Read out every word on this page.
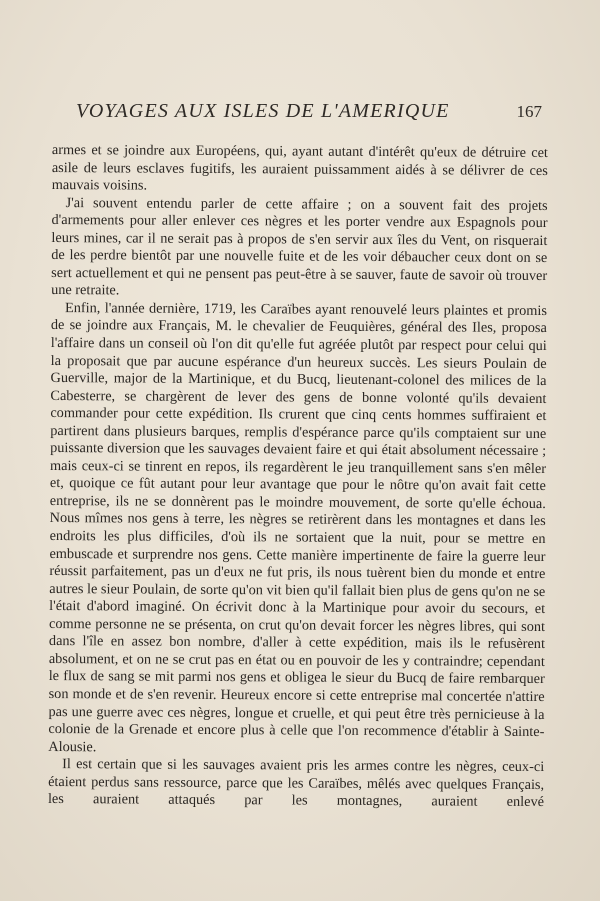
VOYAGES AUX ISLES DE L'AMERIQUE	167

armes et se joindre aux Européens, qui, ayant autant d'intérêt qu'eux de détruire cet asile de leurs esclaves fugitifs, les auraient puissamment aidés à se délivrer de ces mauvais voisins.

J'ai souvent entendu parler de cette affaire ; on a souvent fait des projets d'armements pour aller enlever ces nègres et les porter vendre aux Espagnols pour leurs mines, car il ne serait pas à propos de s'en servir aux îles du Vent, on risquerait de les perdre bientôt par une nouvelle fuite et de les voir débaucher ceux dont on se sert actuellement et qui ne pensent pas peut-être à se sauver, faute de savoir où trouver une retraite.

Enfin, l'année dernière, 1719, les Caraïbes ayant renouvelé leurs plaintes et promis de se joindre aux Français, M. le chevalier de Feuquières, général des Iles, proposa l'affaire dans un conseil où l'on dit qu'elle fut agréée plutôt par respect pour celui qui la proposait que par aucune espérance d'un heureux succès. Les sieurs Poulain de Guerville, major de la Martinique, et du Bucq, lieutenant-colonel des milices de la Cabesterre, se chargèrent de lever des gens de bonne volonté qu'ils devaient commander pour cette expédition. Ils crurent que cinq cents hommes suffiraient et partirent dans plusieurs barques, remplis d'espérance parce qu'ils comptaient sur une puissante diversion que les sauvages devaient faire et qui était absolument nécessaire ; mais ceux-ci se tinrent en repos, ils regardèrent le jeu tranquillement sans s'en mêler et, quoique ce fût autant pour leur avantage que pour le nôtre qu'on avait fait cette entreprise, ils ne se donnèrent pas le moindre mouvement, de sorte qu'elle échoua. Nous mîmes nos gens à terre, les nègres se retirèrent dans les montagnes et dans les endroits les plus difficiles, d'où ils ne sortaient que la nuit, pour se mettre en embuscade et surprendre nos gens. Cette manière impertinente de faire la guerre leur réussit parfaitement, pas un d'eux ne fut pris, ils nous tuèrent bien du monde et entre autres le sieur Poulain, de sorte qu'on vit bien qu'il fallait bien plus de gens qu'on ne se l'était d'abord imaginé. On écrivit donc à la Martinique pour avoir du secours, et comme personne ne se présenta, on crut qu'on devait forcer les nègres libres, qui sont dans l'île en assez bon nombre, d'aller à cette expédition, mais ils le refusèrent absolument, et on ne se crut pas en état ou en pouvoir de les y contraindre; cependant le flux de sang se mit parmi nos gens et obligea le sieur du Bucq de faire rembarquer son monde et de s'en revenir. Heureux encore si cette entreprise mal concertée n'attire pas une guerre avec ces nègres, longue et cruelle, et qui peut être très pernicieuse à la colonie de la Grenade et encore plus à celle que l'on recommence d'établir à Sainte-Alousie.

Il est certain que si les sauvages avaient pris les armes contre les nègres, ceux-ci étaient perdus sans ressource, parce que les Caraïbes, mêlés avec quelques Français, les auraient attaqués par les montagnes, auraient enlevé
